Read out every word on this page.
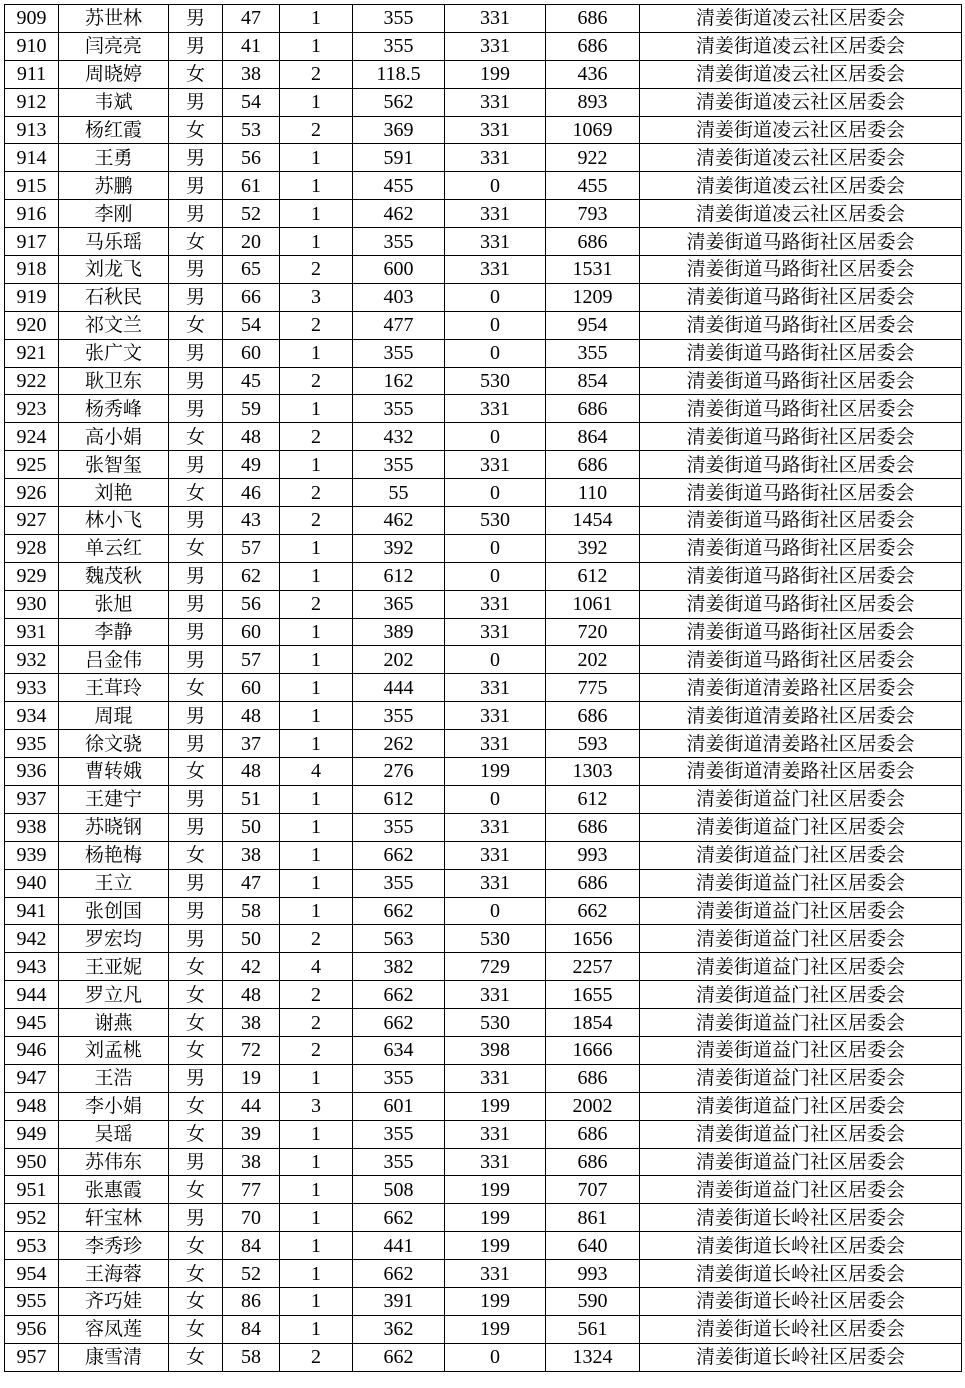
909	苏世林	男	47	1	355	331	686	清姜街道凌云社区居委会
910	闫亮亮	男	41	1	355	331	686	清姜街道凌云社区居委会
911	周晓婷	女	38	2	118.5	199	436	清姜街道凌云社区居委会
912	韦斌	男	54	1	562	331	893	清姜街道凌云社区居委会
913	杨红霞	女	53	2	369	331	1069	清姜街道凌云社区居委会
914	王勇	男	56	1	591	331	922	清姜街道凌云社区居委会
915	苏鹏	男	61	1	455	0	455	清姜街道凌云社区居委会
916	李刚	男	52	1	462	331	793	清姜街道凌云社区居委会
917	马乐瑶	女	20	1	355	331	686	清姜街道马路街社区居委会
918	刘龙飞	男	65	2	600	331	1531	清姜街道马路街社区居委会
919	石秋民	男	66	3	403	0	1209	清姜街道马路街社区居委会
920	祁文兰	女	54	2	477	0	954	清姜街道马路街社区居委会
921	张广文	男	60	1	355	0	355	清姜街道马路街社区居委会
922	耿卫东	男	45	2	162	530	854	清姜街道马路街社区居委会
923	杨秀峰	男	59	1	355	331	686	清姜街道马路街社区居委会
924	高小娟	女	48	2	432	0	864	清姜街道马路街社区居委会
925	张智玺	男	49	1	355	331	686	清姜街道马路街社区居委会
926	刘艳	女	46	2	55	0	110	清姜街道马路街社区居委会
927	林小飞	男	43	2	462	530	1454	清姜街道马路街社区居委会
928	单云红	女	57	1	392	0	392	清姜街道马路街社区居委会
929	魏茂秋	男	62	1	612	0	612	清姜街道马路街社区居委会
930	张旭	男	56	2	365	331	1061	清姜街道马路街社区居委会
931	李静	男	60	1	389	331	720	清姜街道马路街社区居委会
932	吕金伟	男	57	1	202	0	202	清姜街道马路街社区居委会
933	王茸玲	女	60	1	444	331	775	清姜街道清姜路社区居委会
934	周琨	男	48	1	355	331	686	清姜街道清姜路社区居委会
935	徐文骁	男	37	1	262	331	593	清姜街道清姜路社区居委会
936	曹转娥	女	48	4	276	199	1303	清姜街道清姜路社区居委会
937	王建宁	男	51	1	612	0	612	清姜街道益门社区居委会
938	苏晓钢	男	50	1	355	331	686	清姜街道益门社区居委会
939	杨艳梅	女	38	1	662	331	993	清姜街道益门社区居委会
940	王立	男	47	1	355	331	686	清姜街道益门社区居委会
941	张创国	男	58	1	662	0	662	清姜街道益门社区居委会
942	罗宏均	男	50	2	563	530	1656	清姜街道益门社区居委会
943	王亚妮	女	42	4	382	729	2257	清姜街道益门社区居委会
944	罗立凡	女	48	2	662	331	1655	清姜街道益门社区居委会
945	谢燕	女	38	2	662	530	1854	清姜街道益门社区居委会
946	刘孟桃	女	72	2	634	398	1666	清姜街道益门社区居委会
947	王浩	男	19	1	355	331	686	清姜街道益门社区居委会
948	李小娟	女	44	3	601	199	2002	清姜街道益门社区居委会
949	吴瑶	女	39	1	355	331	686	清姜街道益门社区居委会
950	苏伟东	男	38	1	355	331	686	清姜街道益门社区居委会
951	张惠霞	女	77	1	508	199	707	清姜街道益门社区居委会
952	轩宝林	男	70	1	662	199	861	清姜街道长岭社区居委会
953	李秀珍	女	84	1	441	199	640	清姜街道长岭社区居委会
954	王海蓉	女	52	1	662	331	993	清姜街道长岭社区居委会
955	齐巧娃	女	86	1	391	199	590	清姜街道长岭社区居委会
956	容凤莲	女	84	1	362	199	561	清姜街道长岭社区居委会
957	康雪清	女	58	2	662	0	1324	清姜街道长岭社区居委会
